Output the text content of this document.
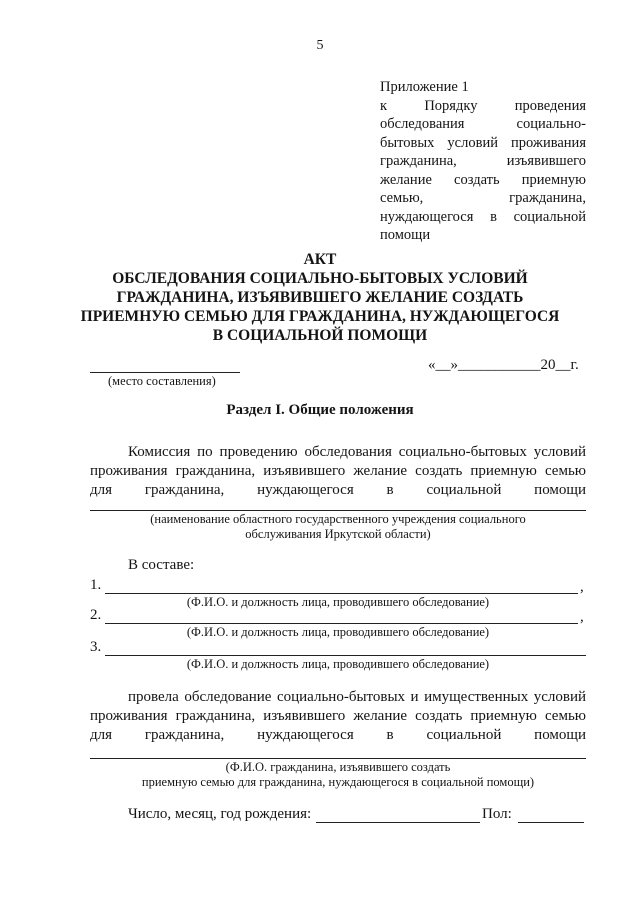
5
Приложение 1
к Порядку проведения
обследования социально-
бытовых условий проживания
гражданина, изъявившего
желание создать приемную
семью, гражданина,
нуждающегося в социальной
помощи
АКТ
ОБСЛЕДОВАНИЯ СОЦИАЛЬНО-БЫТОВЫХ УСЛОВИЙ
ГРАЖДАНИНА, ИЗЪЯВИВШЕГО ЖЕЛАНИЕ СОЗДАТЬ
ПРИЕМНУЮ СЕМЬЮ ДЛЯ ГРАЖДАНИНА, НУЖДАЮЩЕГОСЯ
В СОЦИАЛЬНОЙ ПОМОЩИ
(место составления)
«__»___________20__г.
Раздел I. Общие положения
Комиссия по проведению обследования социально-бытовых условий
проживания гражданина, изъявившего желание создать приемную семью
для гражданина, нуждающегося в социальной помощи
(наименование областного государственного учреждения социального
обслуживания Иркутской области)
В составе:
1.	,
(Ф.И.О. и должность лица, проводившего обследование)
2.	,
(Ф.И.О. и должность лица, проводившего обследование)
3.
(Ф.И.О. и должность лица, проводившего обследование)
провела обследование социально-бытовых и имущественных условий
проживания гражданина, изъявившего желание создать приемную семью
для гражданина, нуждающегося в социальной помощи
(Ф.И.О. гражданина, изъявившего создать
приемную семью для гражданина, нуждающегося в социальной помощи)
Число, месяц, год рождения:	Пол:
